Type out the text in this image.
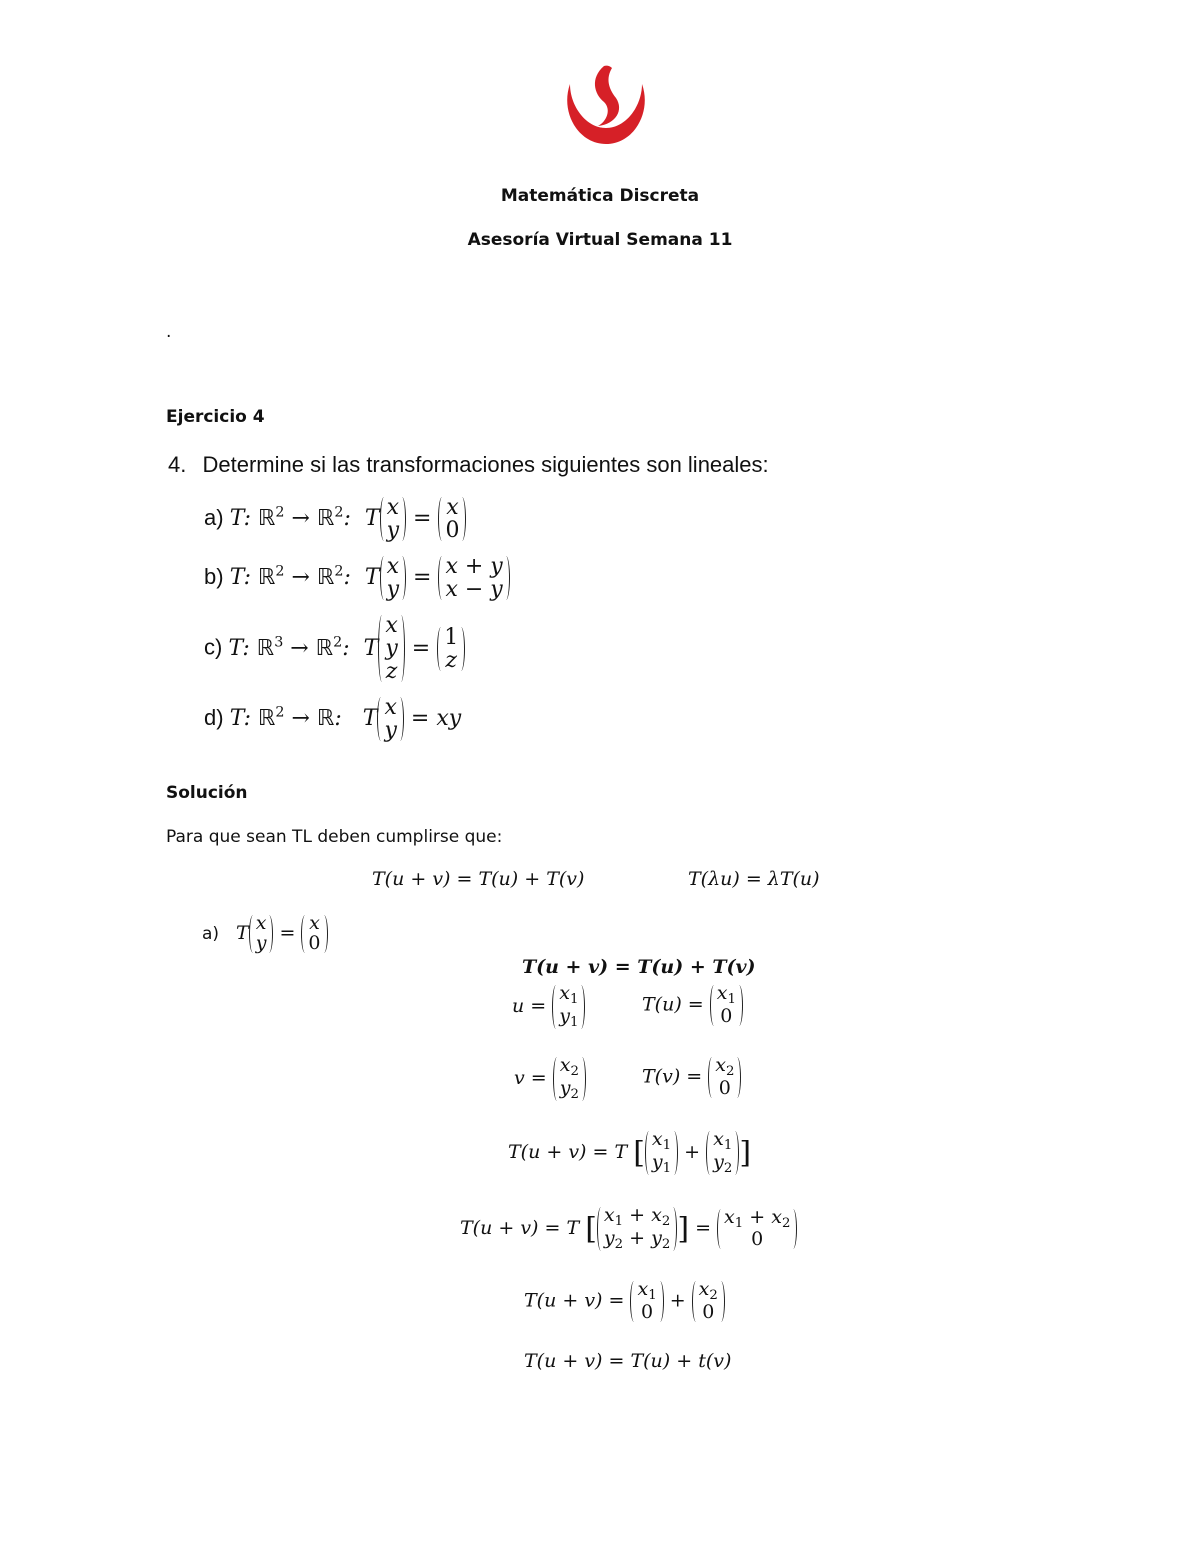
Matemática Discreta
Asesoría Virtual Semana 11
.
Ejercicio 4
4. Determine si las transformaciones siguientes son lineales:
a) T: ℝ$^2$ → ℝ$^2$:  T x
y = x
0
b) T: ℝ$^2$ → ℝ$^2$:  T x
y = x + y
x − y
c) T: ℝ$^3$ → ℝ$^2$:  T
x
y
z
= 1
z
d) T: ℝ$^2$ → ℝ:   T x
y = xy
Solución
Para que sean TL deben cumplirse que:
T(u + v) = T(u) + T(v)	T(λu) = λT(u)
a) T x
y = x
0
T(u + v) = T(u) + T(v)
u =
$x_1$
$y_1$
T(u) =
$x_1$
0
v =
$x_2$
$y_2$
T(v) =
$x_2$
0
T(u + v) = T [ $x_1$
$y_1$
+
$x_1$
$y_2$ ]
T(u + v) = T [ $x_1 + x_2$
$y_2 + y_2$ ] =
$x_1 + x_2$
0
T(u + v) =
$x_1$
0
+
$x_2$
0
T(u + v) = T(u) + t(v)
